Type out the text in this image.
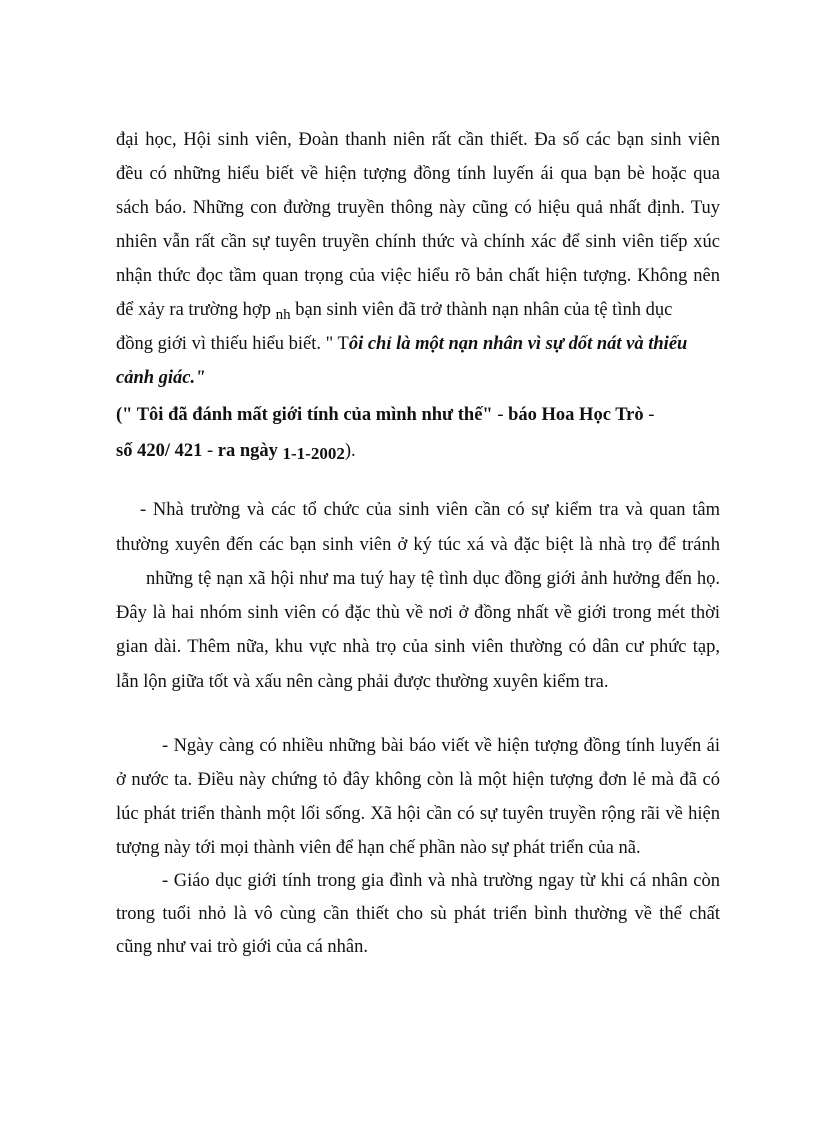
đại học, Hội sinh viên, Đoàn thanh niên rất cần thiết. Đa số các bạn sinh viên
đều có những hiểu biết về hiện tượng đồng tính luyến ái qua bạn bè hoặc qua
sách báo. Những con đường truyền thông này cũng có hiệu quả nhất định. Tuy
nhiên vẫn rất cần sự tuyên truyền chính thức và chính xác để sinh viên tiếp xúc
nhận thức đọc tầm quan trọng của việc hiểu rõ bản chất hiện tượng. Không nên
để xảy ra trường hợp $_{nh}$ bạn sinh viên đã trở thành nạn nhân của tệ tình dục
đồng giới vì thiếu hiểu biết. " Tôi chỉ là một nạn nhân vì sự dốt nát và thiếu
cảnh giác."
(" Tôi đã đánh mất giới tính của mình như thế" - báo Hoa Học Trò -
số 420/ 421 - ra ngày 1-1-2002).
- Nhà trường và các tổ chức của sinh viên cần có sự kiểm tra và quan tâm
thường xuyên đến các bạn sinh viên ở ký túc xá và đặc biệt là nhà trọ để tránh
những tệ nạn xã hội như ma tuý hay tệ tình dục đồng giới ảnh hưởng đến họ.
Đây là hai nhóm sinh viên có đặc thù về nơi ở đồng nhất về giới trong mét thời
gian dài. Thêm nữa, khu vực nhà trọ của sinh viên thường có dân cư phức tạp,
lẫn lộn giữa tốt và xấu nên càng phải được thường xuyên kiểm tra.
- Ngày càng có nhiều những bài báo viết về hiện tượng đồng tính luyến ái
ở nước ta. Điều này chứng tỏ đây không còn là một hiện tượng đơn lẻ mà đã có
lúc phát triển thành một lối sống. Xã hội cần có sự tuyên truyền rộng rãi về hiện
tượng này tới mọi thành viên để hạn chế phần nào sự phát triển của nã.
- Giáo dục giới tính trong gia đình và nhà trường ngay từ khi cá nhân còn
trong tuổi nhỏ là vô cùng cần thiết cho sù phát triển bình thường về thể chất
cũng như vai trò giới của cá nhân.
